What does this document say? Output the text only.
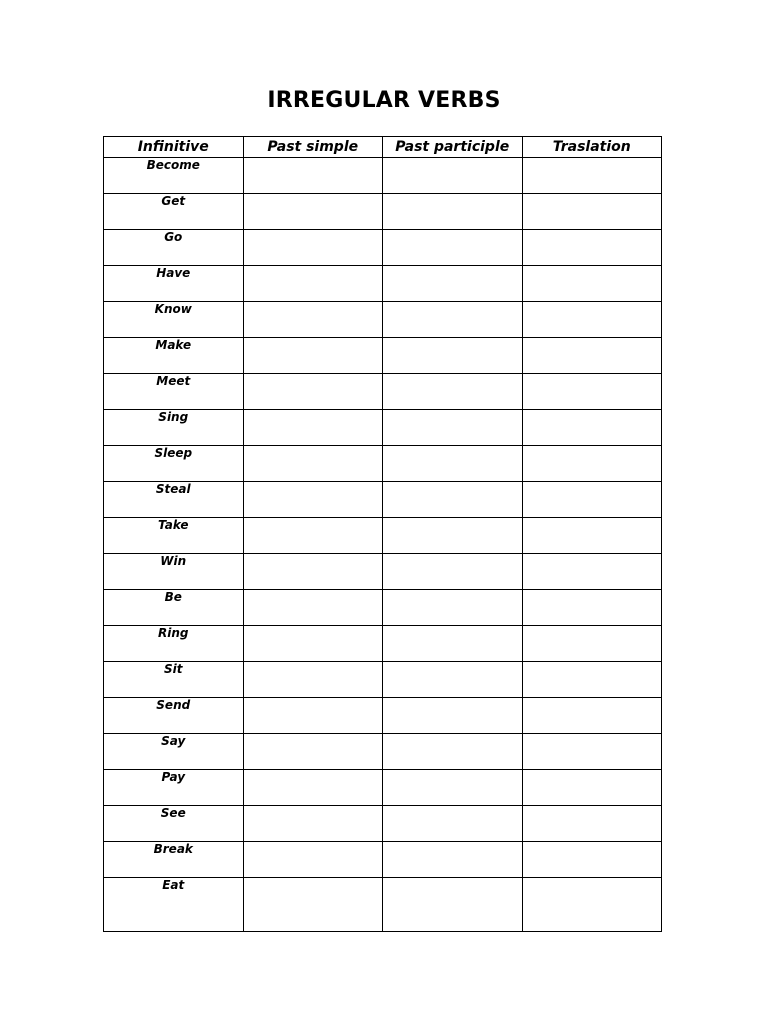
IRREGULAR VERBS
Infinitive	Past simple	Past participle	Traslation
Become			
Get			
Go			
Have			
Know			
Make			
Meet			
Sing			
Sleep			
Steal			
Take			
Win			
Be			
Ring			
Sit			
Send			
Say			
Pay			
See			
Break			
Eat			
